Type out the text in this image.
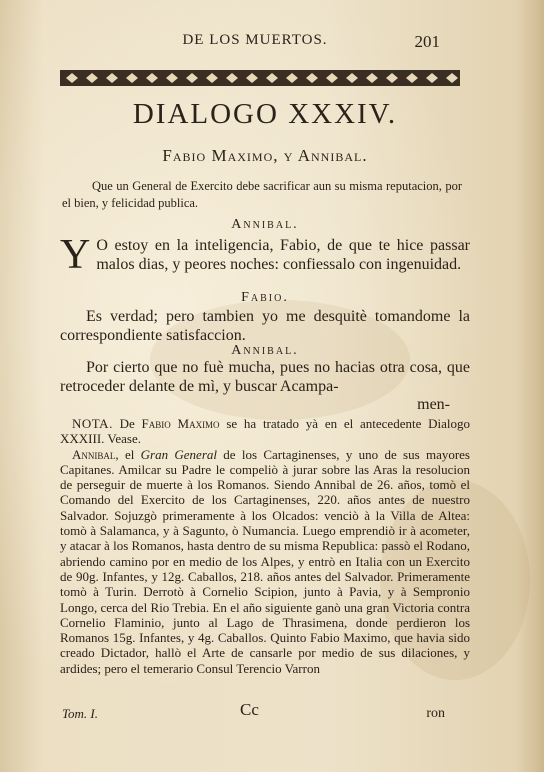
DE LOS MUERTOS.	201
DIALOGO XXXIV.
Fabio Maximo, y Annibal.
Que un General de Exercito debe sacrificar aun su misma reputacion, por el bien, y felicidad publica.
Annibal.
Y O estoy en la inteligencia, Fabio, de que te hice passar malos dias, y peores noches: confiessalo con ingenuidad.
Fabio.
Es verdad; pero tambien yo me desquitè tomandome la correspondiente satisfaccion.
Annibal.
Por cierto que no fuè mucha, pues no hacias otra cosa, que retroceder delante de mì, y buscar Acampa-
men-
NOTA. De Fabio Maximo se ha tratado yà en el antecedente Dialogo XXXIII. Vease.
Annibal, el Gran General de los Cartaginenses, y uno de sus mayores Capitanes. Amilcar su Padre le compeliò à jurar sobre las Aras la resolucion de perseguir de muerte à los Romanos. Siendo Annibal de 26. años, tomò el Comando del Exercito de los Cartaginenses, 220. años antes de nuestro Salvador. Sojuzgò primeramente à los Olcados: venciò à la Villa de Altea: tomò à Salamanca, y à Sagunto, ò Numancia. Luego emprendiò ir à acometer, y atacar à los Romanos, hasta dentro de su misma Republica: passò el Rodano, abriendo camino por en medio de los Alpes, y entrò en Italia con un Exercito de 90g. Infantes, y 12g. Caballos, 218. años antes del Salvador. Primeramente tomò à Turin. Derrotò à Cornelio Scipion, junto à Pavia, y à Sempronio Longo, cerca del Rio Trebia. En el año siguiente ganò una gran Victoria contra Cornelio Flaminio, junto al Lago de Thrasimena, donde perdieron los Romanos 15g. Infantes, y 4g. Caballos. Quinto Fabio Maximo, que havia sido creado Dictador, hallò el Arte de cansarle por medio de sus dilaciones, y ardides; pero el temerario Consul Terencio Varron
Tom. I.	Cc	ron
